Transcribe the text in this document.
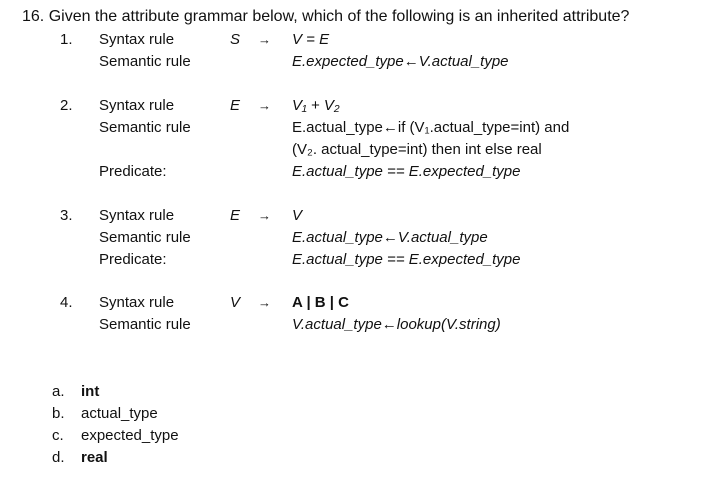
16. Given the attribute grammar below, which of the following is an inherited attribute?
1. Syntax rule	S → V = E
Semantic rule	E.expected_type←V.actual_type
2. Syntax rule	E → V₁ + V₂
Semantic rule	E.actual_type←if (V₁.actual_type=int) and
(V₂. actual_type=int) then int else real
Predicate:	E.actual_type == E.expected_type
3. Syntax rule	E → V
Semantic rule	E.actual_type←V.actual_type
Predicate:	E.actual_type == E.expected_type
4. Syntax rule	V → A | B | C
Semantic rule	V.actual_type←lookup(V.string)
a. int
b. actual_type
c. expected_type
d. real
